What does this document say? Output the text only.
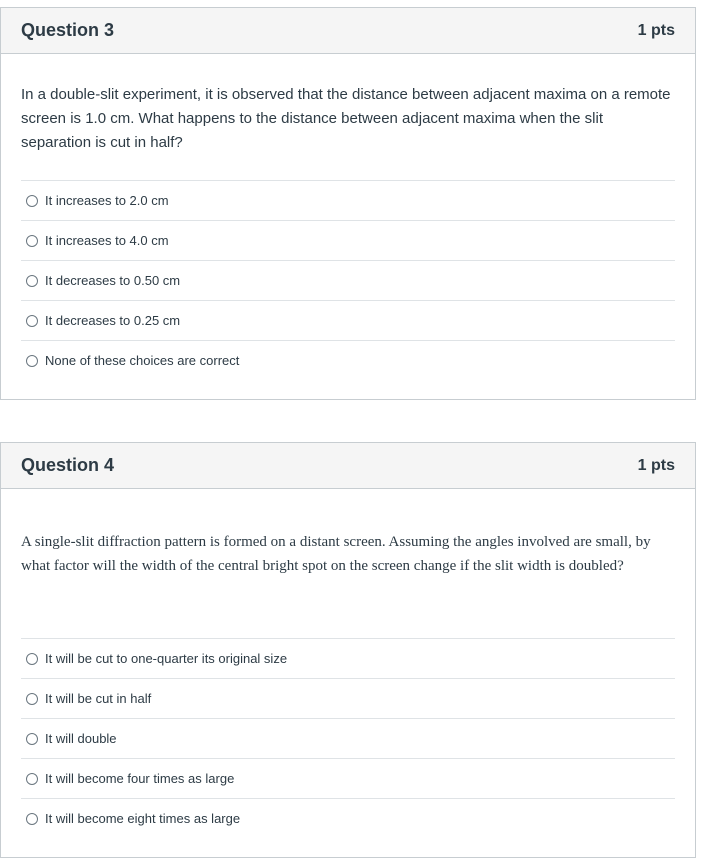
Question 3	1 pts
In a double-slit experiment, it is observed that the distance between adjacent maxima on a remote screen is 1.0 cm. What happens to the distance between adjacent maxima when the slit separation is cut in half?
It increases to 2.0 cm
It increases to 4.0 cm
It decreases to 0.50 cm
It decreases to 0.25 cm
None of these choices are correct
Question 4	1 pts
A single-slit diffraction pattern is formed on a distant screen. Assuming the angles involved are small, by what factor will the width of the central bright spot on the screen change if the slit width is doubled?
It will be cut to one-quarter its original size
It will be cut in half
It will double
It will become four times as large
It will become eight times as large
